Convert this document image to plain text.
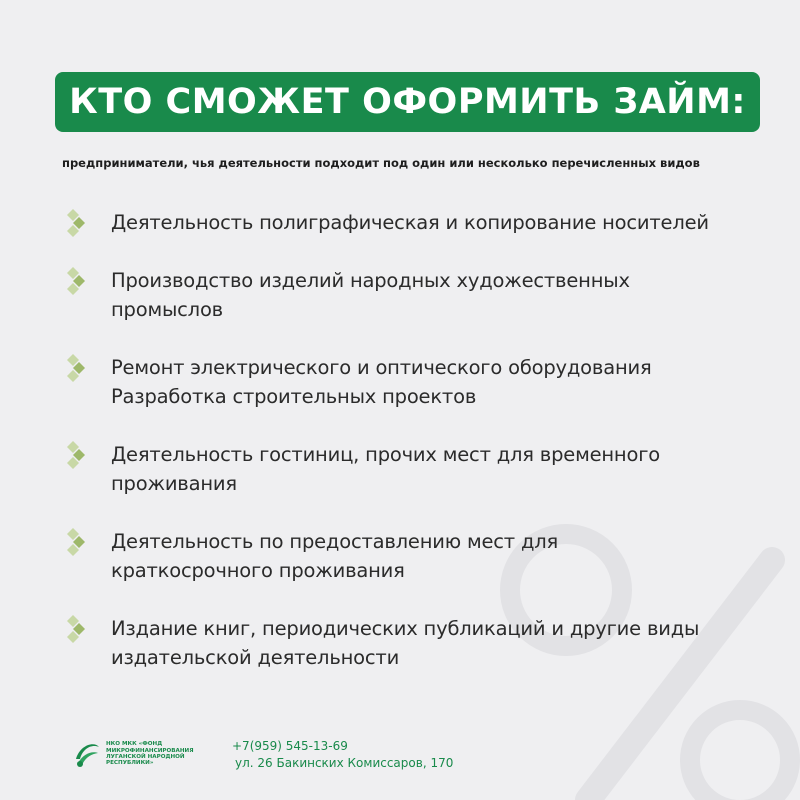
КТО СМОЖЕТ ОФОРМИТЬ ЗАЙМ:
предприниматели, чья деятельности подходит под один или несколько перечисленных видов
Деятельность полиграфическая и копирование носителей
Производство изделий народных художественных промыслов
Ремонт электрического и оптического оборудования Разработка строительных проектов
Деятельность гостиниц, прочих мест для временного проживания
Деятельность по предоставлению мест для краткосрочного проживания
Издание книг, периодических публикаций и другие виды издательской деятельности
НКО МКК «ФОНД МИКРОФИНАНСИРОВАНИЯ ЛУГАНСКОЙ НАРОДНОЙ РЕСПУБЛИКИ»
+7(959) 545-13-69
ул. 26 Бакинских Комиссаров, 170
